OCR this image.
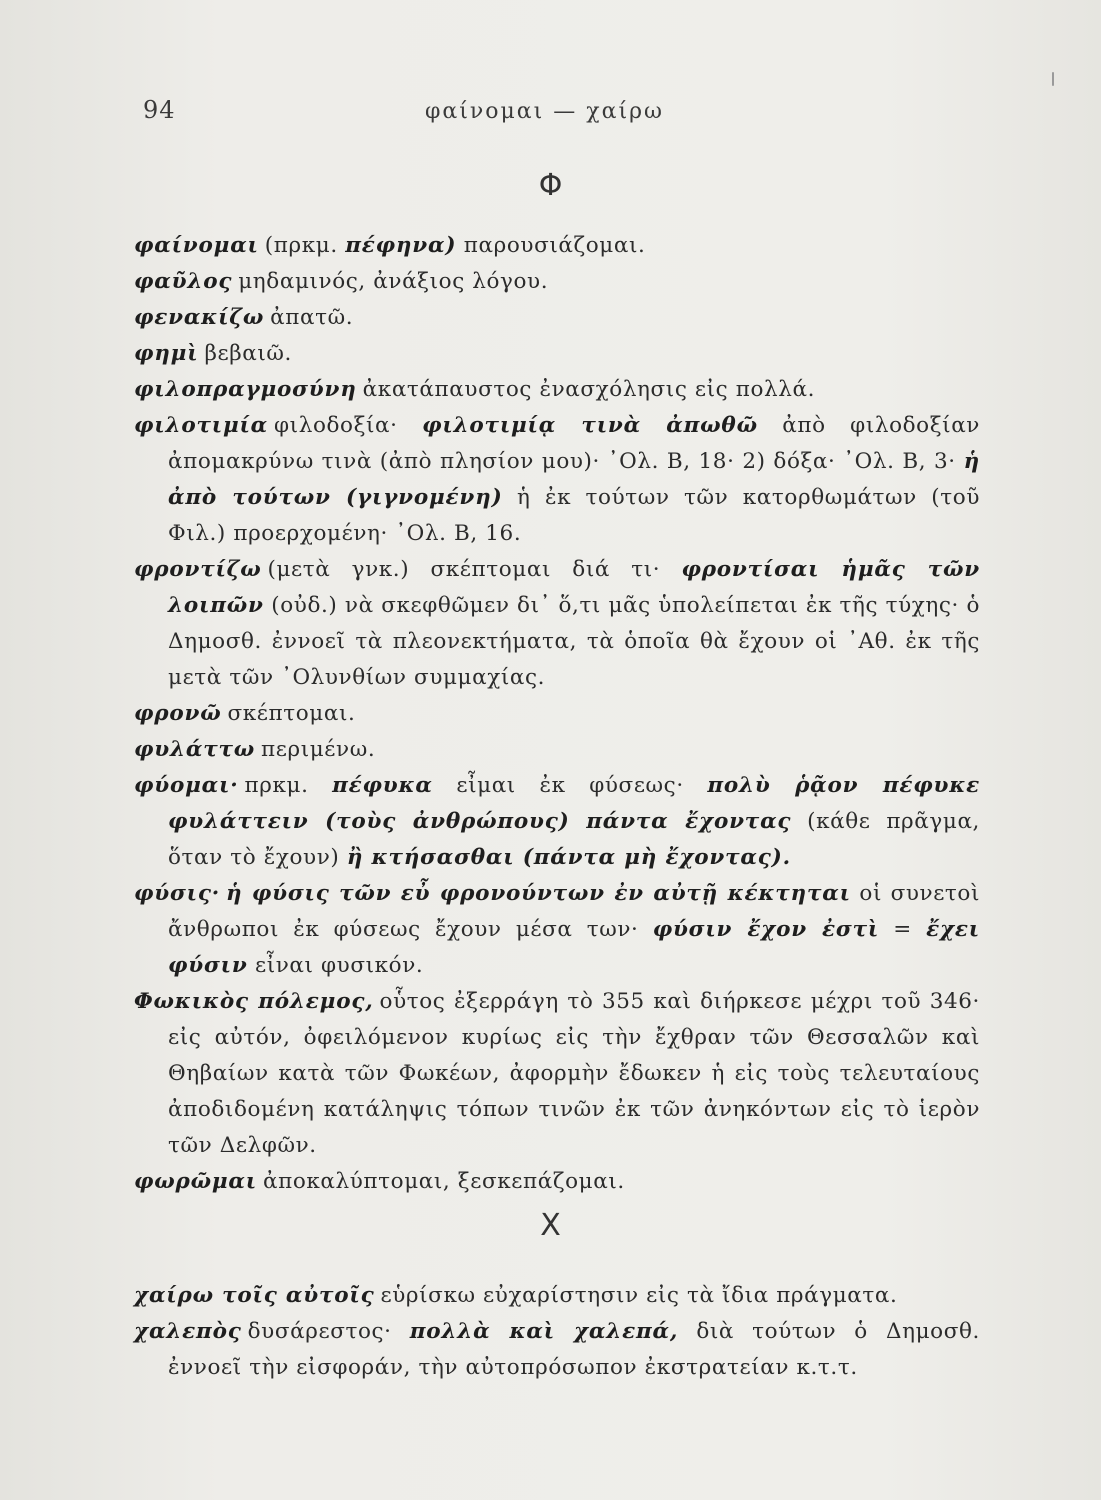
94	φαίνομαι — χαίρω
Φ

φαίνομαι (πρκμ. πέφηνα) παρουσιάζομαι.

φαῦλος μηδαμινός, ἀνάξιος λόγου.

φενακίζω ἀπατῶ.

φημὶ βεβαιῶ.

φιλοπραγμοσύνη ἀκατάπαυστος ἐνασχόλησις εἰς πολλά.

φιλοτιμία φιλοδοξία· φιλοτιμίᾳ τινὰ ἀπωθῶ ἀπὸ φιλοδοξίαν ἀπομακρύνω τινὰ (ἀπὸ πλησίον μου)· ᾽Ολ. Β, 18· 2) δόξα· ᾽Ολ. Β, 3· ἡ ἀπὸ τούτων (γιγνομένη) ἡ ἐκ τούτων τῶν κατορθωμάτων (τοῦ Φιλ.) προερχομένη· ᾽Ολ. Β, 16.

φροντίζω (μετὰ γνκ.) σκέπτομαι διά τι· φροντίσαι ἡμᾶς τῶν λοιπῶν (οὐδ.) νὰ σκεφθῶμεν δι᾽ ὅ,τι μᾶς ὑπολείπεται ἐκ τῆς τύχης· ὁ Δημοσθ. ἐννοεῖ τὰ πλεονεκτήματα, τὰ ὁποῖα θὰ ἔχουν οἱ ᾽Αθ. ἐκ τῆς μετὰ τῶν ᾽Ολυνθίων συμμαχίας.

φρονῶ σκέπτομαι.

φυλάττω περιμένω.

φύομαι· πρκμ. πέφυκα εἶμαι ἐκ φύσεως· πολὺ ῥᾷον πέφυκε φυλάττειν (τοὺς ἀνθρώπους) πάντα ἔχοντας (κάθε πρᾶγμα, ὅταν τὸ ἔχουν) ἢ κτήσασθαι (πάντα μὴ ἔχοντας).

φύσις· ἡ φύσις τῶν εὖ φρονούντων ἐν αὐτῇ κέκτηται οἱ συνετοὶ ἄνθρωποι ἐκ φύσεως ἔχουν μέσα των· φύσιν ἔχον ἐστὶ = ἔχει φύσιν εἶναι φυσικόν.

Φωκικὸς πόλεμος, οὗτος ἐξερράγη τὸ 355 καὶ διήρκεσε μέχρι τοῦ 346· εἰς αὐτόν, ὀφειλόμενον κυρίως εἰς τὴν ἔχθραν τῶν Θεσσαλῶν καὶ Θηβαίων κατὰ τῶν Φωκέων, ἀφορμὴν ἔδωκεν ἡ εἰς τοὺς τελευταίους ἀποδιδομένη κατάληψις τόπων τινῶν ἐκ τῶν ἀνηκόντων εἰς τὸ ἱερὸν τῶν Δελφῶν.

φωρῶμαι ἀποκαλύπτομαι, ξεσκεπάζομαι.

Χ

χαίρω τοῖς αὐτοῖς εὑρίσκω εὐχαρίστησιν εἰς τὰ ἴδια πράγματα.

χαλεπὸς δυσάρεστος· πολλὰ καὶ χαλεπά, διὰ τούτων ὁ Δημοσθ. ἐννοεῖ τὴν εἰσφοράν, τὴν αὐτοπρόσωπον ἐκστρατείαν κ.τ.τ.
